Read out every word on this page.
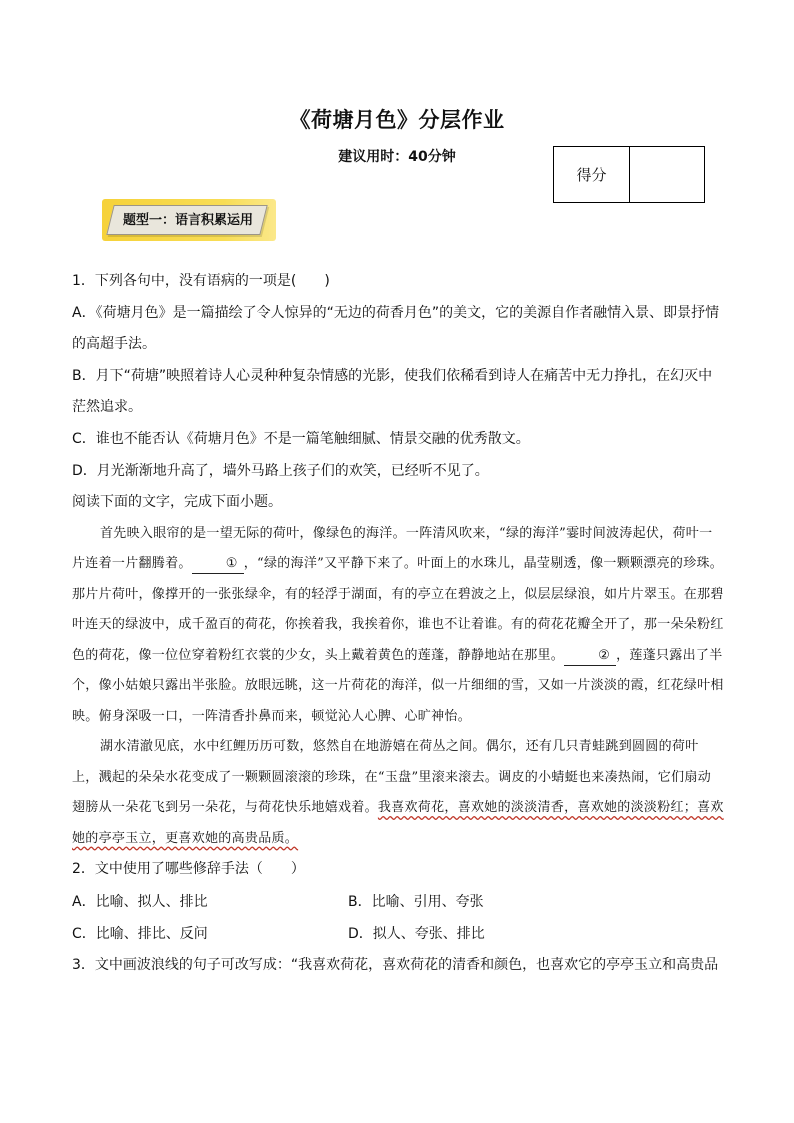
《荷塘月色》分层作业
建议用时：40分钟
得分
题型一：语言积累运用

1．下列各句中，没有语病的一项是(　　)

A．《荷塘月色》是一篇描绘了令人惊异的“无边的荷香月色”的美文，它的美源自作者融情入景、即景抒情的高超手法。

B．月下“荷塘”映照着诗人心灵种种复杂情感的光影，使我们依稀看到诗人在痛苦中无力挣扎，在幻灭中茫然追求。

C．谁也不能否认《荷塘月色》不是一篇笔触细腻、情景交融的优秀散文。

D．月光渐渐地升高了，墙外马路上孩子们的欢笑，已经听不见了。

阅读下面的文字，完成下面小题。

首先映入眼帘的是一望无际的荷叶，像绿色的海洋。一阵清风吹来，“绿的海洋”霎时间波涛起伏，荷叶一片连着一片翻腾着。	① ，“绿的海洋”又平静下来了。叶面上的水珠儿，晶莹剔透，像一颗颗漂亮的珍珠。那片片荷叶，像撑开的一张张绿伞，有的轻浮于湖面，有的亭立在碧波之上，似层层绿浪，如片片翠玉。在那碧叶连天的绿波中，成千盈百的荷花，你挨着我，我挨着你，谁也不让着谁。有的荷花花瓣全开了，那一朵朵粉红色的荷花，像一位位穿着粉红衣裳的少女，头上戴着黄色的莲蓬，静静地站在那里。	② ，莲蓬只露出了半个，像小姑娘只露出半张脸。放眼远眺，这一片荷花的海洋，似一片细细的雪，又如一片淡淡的霞，红花绿叶相映。俯身深吸一口，一阵清香扑鼻而来，顿觉沁人心脾、心旷神怡。

湖水清澈见底，水中红鲤历历可数，悠然自在地游嬉在荷丛之间。偶尔，还有几只青蛙跳到圆圆的荷叶上，溅起的朵朵水花变成了一颗颗圆滚滚的珍珠，在“玉盘”里滚来滚去。调皮的小蜻蜓也来凑热闹，它们扇动翅膀从一朵花飞到另一朵花，与荷花快乐地嬉戏着。我喜欢荷花，喜欢她的淡淡清香，喜欢她的淡淡粉红；喜欢她的亭亭玉立，更喜欢她的高贵品质。

2．文中使用了哪些修辞手法（　　）

A．比喻、拟人、排比	B．比喻、引用、夸张
C．比喻、排比、反问	D．拟人、夸张、排比

3．文中画波浪线的句子可改写成：“我喜欢荷花，喜欢荷花的清香和颜色，也喜欢它的亭亭玉立和高贵品
